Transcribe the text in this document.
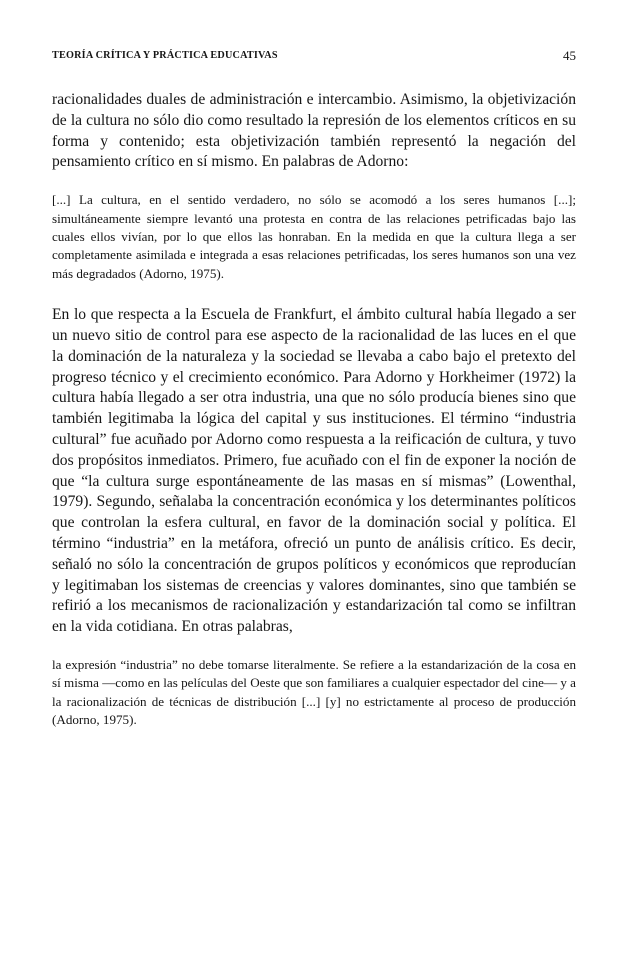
TEORÍA CRÍTICA Y PRÁCTICA EDUCATIVAS	45

racionalidades duales de administración e intercambio. Asimismo, la objetivización de la cultura no sólo dio como resultado la represión de los elementos críticos en su forma y contenido; esta objetivización también representó la negación del pensamiento crítico en sí mismo. En palabras de Adorno:

[...] La cultura, en el sentido verdadero, no sólo se acomodó a los seres humanos [...]; simultáneamente siempre levantó una protesta en contra de las relaciones petrificadas bajo las cuales ellos vivían, por lo que ellos las honraban. En la medida en que la cultura llega a ser completamente asimilada e integrada a esas relaciones petrificadas, los seres humanos son una vez más degradados (Adorno, 1975).

En lo que respecta a la Escuela de Frankfurt, el ámbito cultural había llegado a ser un nuevo sitio de control para ese aspecto de la racionalidad de las luces en el que la dominación de la naturaleza y la sociedad se llevaba a cabo bajo el pretexto del progreso técnico y el crecimiento económico. Para Adorno y Horkheimer (1972) la cultura había llegado a ser otra industria, una que no sólo producía bienes sino que también legitimaba la lógica del capital y sus instituciones. El término “industria cultural” fue acuñado por Adorno como respuesta a la reificación de cultura, y tuvo dos propósitos inmediatos. Primero, fue acuñado con el fin de exponer la noción de que “la cultura surge espontáneamente de las masas en sí mismas” (Lowenthal, 1979). Segundo, señalaba la concentración económica y los determinantes políticos que controlan la esfera cultural, en favor de la dominación social y política. El término “industria” en la metáfora, ofreció un punto de análisis crítico. Es decir, señaló no sólo la concentración de grupos políticos y económicos que reproducían y legitimaban los sistemas de creencias y valores dominantes, sino que también se refirió a los mecanismos de racionalización y estandarización tal como se infiltran en la vida cotidiana. En otras palabras,

la expresión “industria” no debe tomarse literalmente. Se refiere a la estandarización de la cosa en sí misma —como en las películas del Oeste que son familiares a cualquier espectador del cine— y a la racionalización de técnicas de distribución [...] [y] no estrictamente al proceso de producción (Adorno, 1975).
